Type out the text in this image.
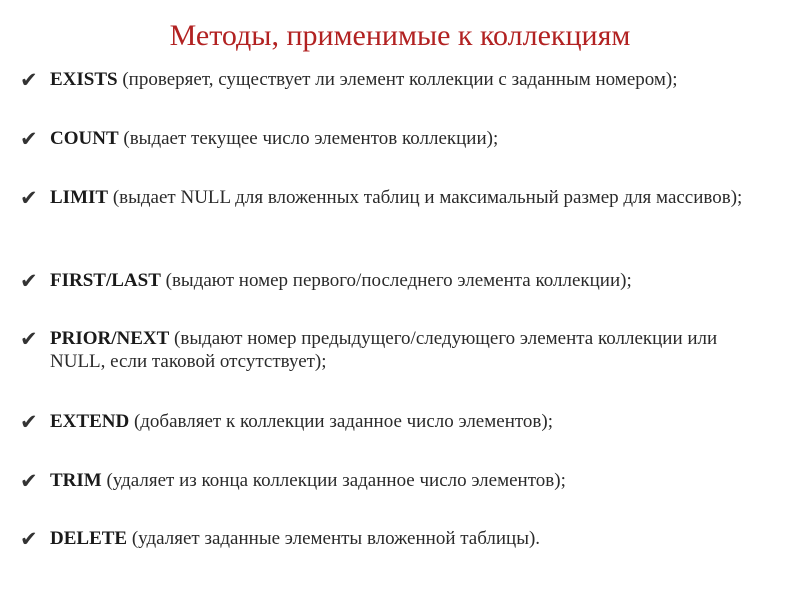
Методы, применимые к коллекциям
✔ EXISTS (проверяет, существует ли элемент коллекции с заданным номером);
✔ COUNT (выдает текущее число элементов коллекции);
✔ LIMIT (выдает NULL для вложенных таблиц и максимальный размер для массивов);
✔ FIRST/LAST (выдают номер первого/последнего элемента коллекции);
✔ PRIOR/NEXT (выдают номер предыдущего/следующего элемента коллекции или NULL, если таковой отсутствует);
✔ EXTEND (добавляет к коллекции заданное число элементов);
✔ TRIM (удаляет из конца коллекции заданное число элементов);
✔ DELETE (удаляет заданные элементы вложенной таблицы).
